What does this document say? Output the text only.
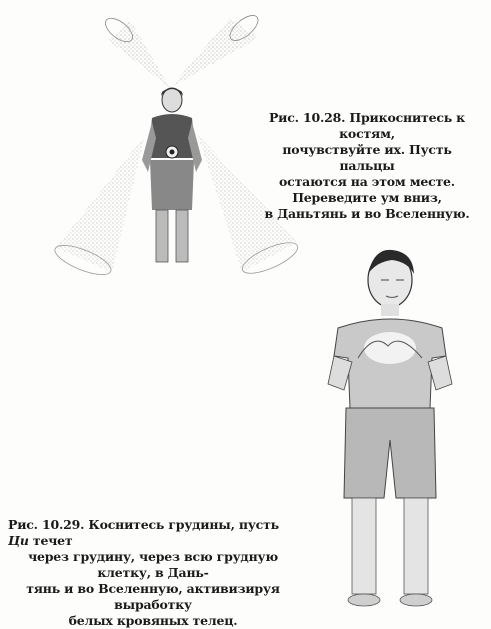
Рис. 10.28. Прикоснитесь к костям,
почувствуйте их. Пусть пальцы
остаются на этом месте.
Переведите ум вниз,
в Даньтянь и во Вселенную.
Рис. 10.29. Коснитесь грудины, пусть Ци течет
через грудину, через всю грудную клетку, в Дань-
тянь и во Вселенную, активизируя выработку
белых кровяных телец.
